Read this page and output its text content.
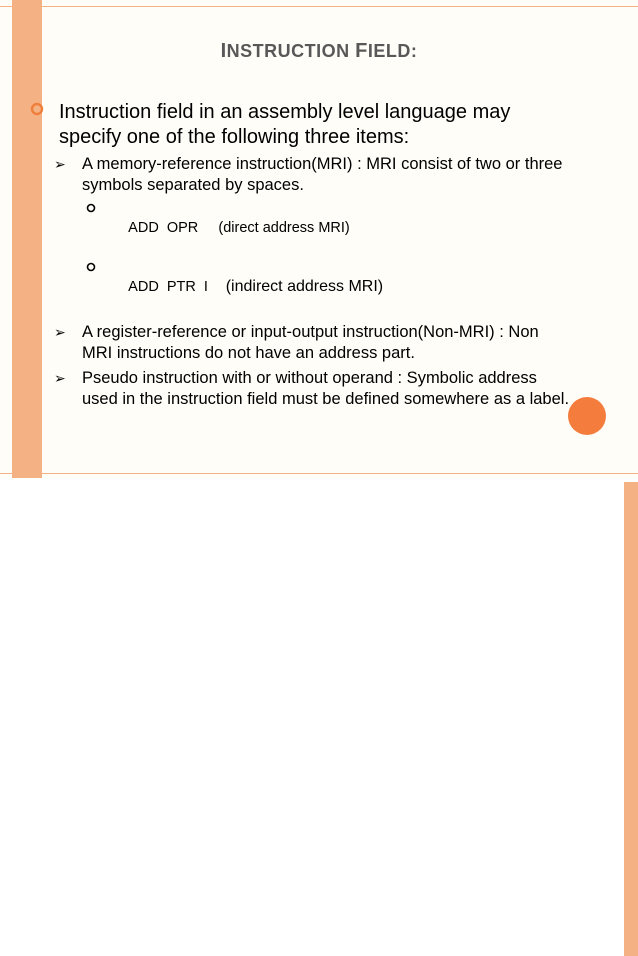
INSTRUCTION FIELD:
Instruction field in an assembly level language may specify one of the following three items:
➢ A memory-reference instruction(MRI) : MRI consist of two or three symbols separated by spaces.

ADD  OPR     (direct address MRI)

ADD  PTR  I    (indirect address MRI)

➢ A register-reference or input-output instruction(Non-MRI) : Non MRI instructions do not have an address part.
➢ Pseudo instruction with or without operand : Symbolic address used in the instruction field must be defined somewhere as a label.
